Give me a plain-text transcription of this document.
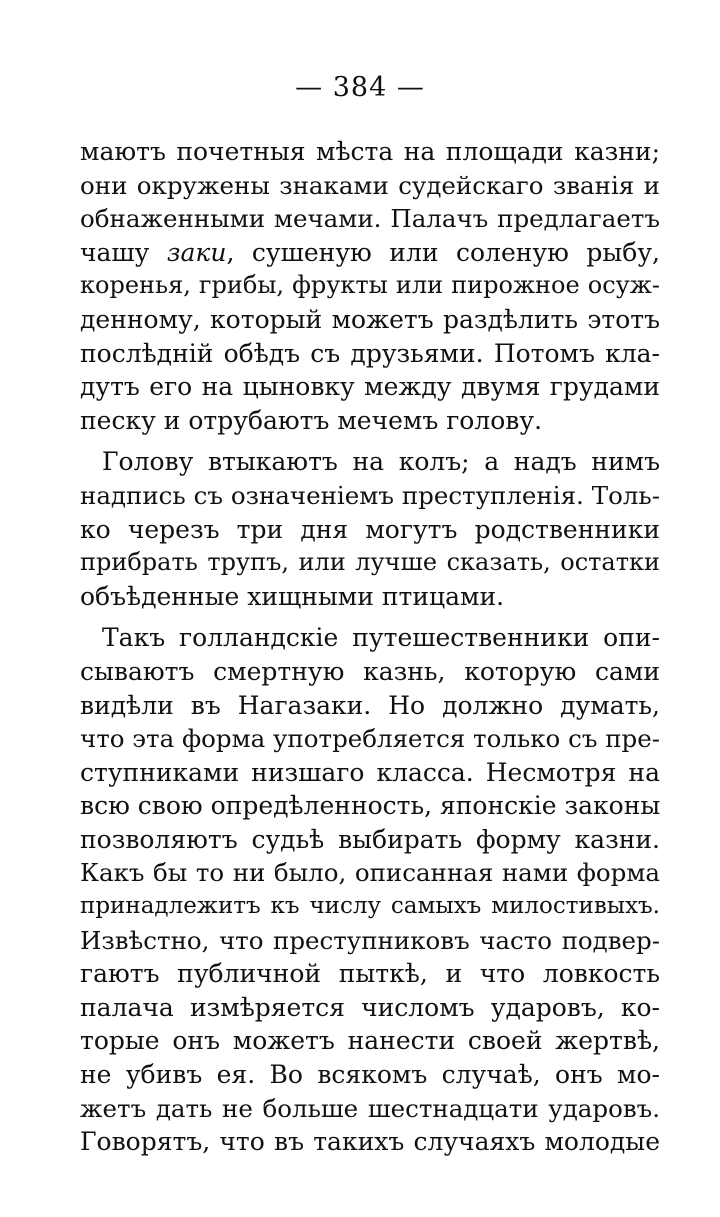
— 384 —
маютъ почетныя мѣста на площади казни;
они окружены знаками судейскаго званія и
обнаженными мечами. Палачъ предлагаетъ
чашу заки, сушеную или соленую рыбу,
коренья, грибы, фрукты или пирожное осуж-
денному, который можетъ раздѣлить этотъ
послѣдній обѣдъ съ друзьями. Потомъ кла-
дутъ его на цыновку между двумя грудами
песку и отрубаютъ мечемъ голову.
Голову втыкаютъ на колъ; а надъ нимъ
надпись съ означеніемъ преступленія. Толь-
ко черезъ три дня могутъ родственники
прибрать трупъ, или лучше сказать, остатки
объѣденные хищными птицами.
Такъ голландскіе путешественники опи-
сываютъ смертную казнь, которую сами
видѣли въ Нагазаки. Но должно думать,
что эта форма употребляется только съ пре-
ступниками низшаго класса. Несмотря на
всю свою опредѣленность, японскіе законы
позволяютъ судьѣ выбирать форму казни.
Какъ бы то ни было, описанная нами форма
принадлежитъ къ числу самыхъ милостивыхъ.
Извѣстно, что преступниковъ часто подвер-
гаютъ публичной пыткѣ, и что ловкость
палача измѣряется числомъ ударовъ, ко-
торые онъ можетъ нанести своей жертвѣ,
не убивъ ея. Во всякомъ случаѣ, онъ мо-
жетъ дать не больше шестнадцати ударовъ.
Говорятъ, что въ такихъ случаяхъ молодые
